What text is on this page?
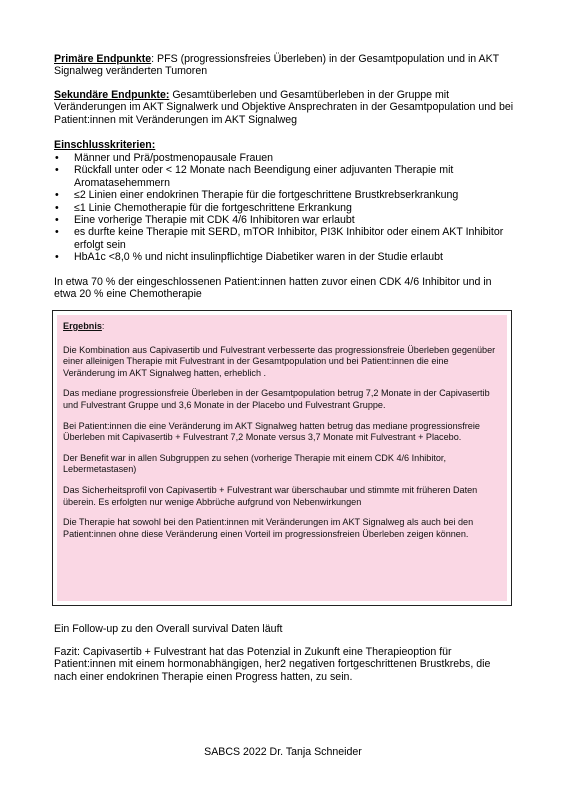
Primäre Endpunkte: PFS (progressionsfreies Überleben) in der Gesamtpopulation und in AKT Signalweg veränderten Tumoren
Sekundäre Endpunkte: Gesamtüberleben und Gesamtüberleben in der Gruppe mit Veränderungen im AKT Signalwerk und Objektive Ansprechraten in der Gesamtpopulation und bei Patient:innen mit Veränderungen im AKT Signalweg
Einschlusskriterien:
• Männer und Prä/postmenopausale Frauen
• Rückfall unter oder < 12 Monate nach Beendigung einer adjuvanten Therapie mit Aromatasehemmern
• ≤2 Linien einer endokrinen Therapie für die fortgeschrittene Brustkrebserkrankung
• ≤1 Linie Chemotherapie für die fortgeschrittene Erkrankung
• Eine vorherige Therapie mit CDK 4/6 Inhibitoren war erlaubt
• es durfte keine Therapie mit SERD, mTOR Inhibitor, PI3K Inhibitor oder einem AKT Inhibitor erfolgt sein
• HbA1c <8,0 % und nicht insulinpflichtige Diabetiker waren in der Studie erlaubt
In etwa 70 % der eingeschlossenen Patient:innen hatten zuvor einen CDK 4/6 Inhibitor und in etwa 20 % eine Chemotherapie

Ergebnis:

Die Kombination aus Capivasertib und Fulvestrant verbesserte das progressionsfreie Überleben gegenüber einer alleinigen Therapie mit Fulvestrant in der Gesamtpopulation und bei Patient:innen die eine Veränderung im AKT Signalweg hatten, erheblich .

Das mediane progressionsfreie Überleben in der Gesamtpopulation betrug 7,2 Monate in der Capivasertib und Fulvestrant Gruppe und 3,6 Monate in der Placebo und Fulvestrant Gruppe.

Bei Patient:innen die eine Veränderung im AKT Signalweg hatten betrug das mediane progressionsfreie Überleben mit Capivasertib + Fulvestrant 7,2 Monate versus 3,7 Monate mit Fulvestrant + Placebo.

Der Benefit war in allen Subgruppen zu sehen (vorherige Therapie mit einem CDK 4/6 Inhibitor, Lebermetastasen)

Das Sicherheitsprofil von Capivasertib + Fulvestrant war überschaubar und stimmte mit früheren Daten überein. Es erfolgten nur wenige Abbrüche aufgrund von Nebenwirkungen

Die Therapie hat sowohl bei den Patient:innen mit Veränderungen im AKT Signalweg als auch bei den Patient:innen ohne diese Veränderung einen Vorteil im progressionsfreien Überleben zeigen können.

Ein Follow-up zu den Overall survival Daten läuft
Fazit: Capivasertib + Fulvestrant hat das Potenzial in Zukunft eine Therapieoption für Patient:innen mit einem hormonabhängigen, her2 negativen fortgeschrittenen Brustkrebs, die nach einer endokrinen Therapie einen Progress hatten, zu sein.
SABCS 2022 Dr. Tanja Schneider
